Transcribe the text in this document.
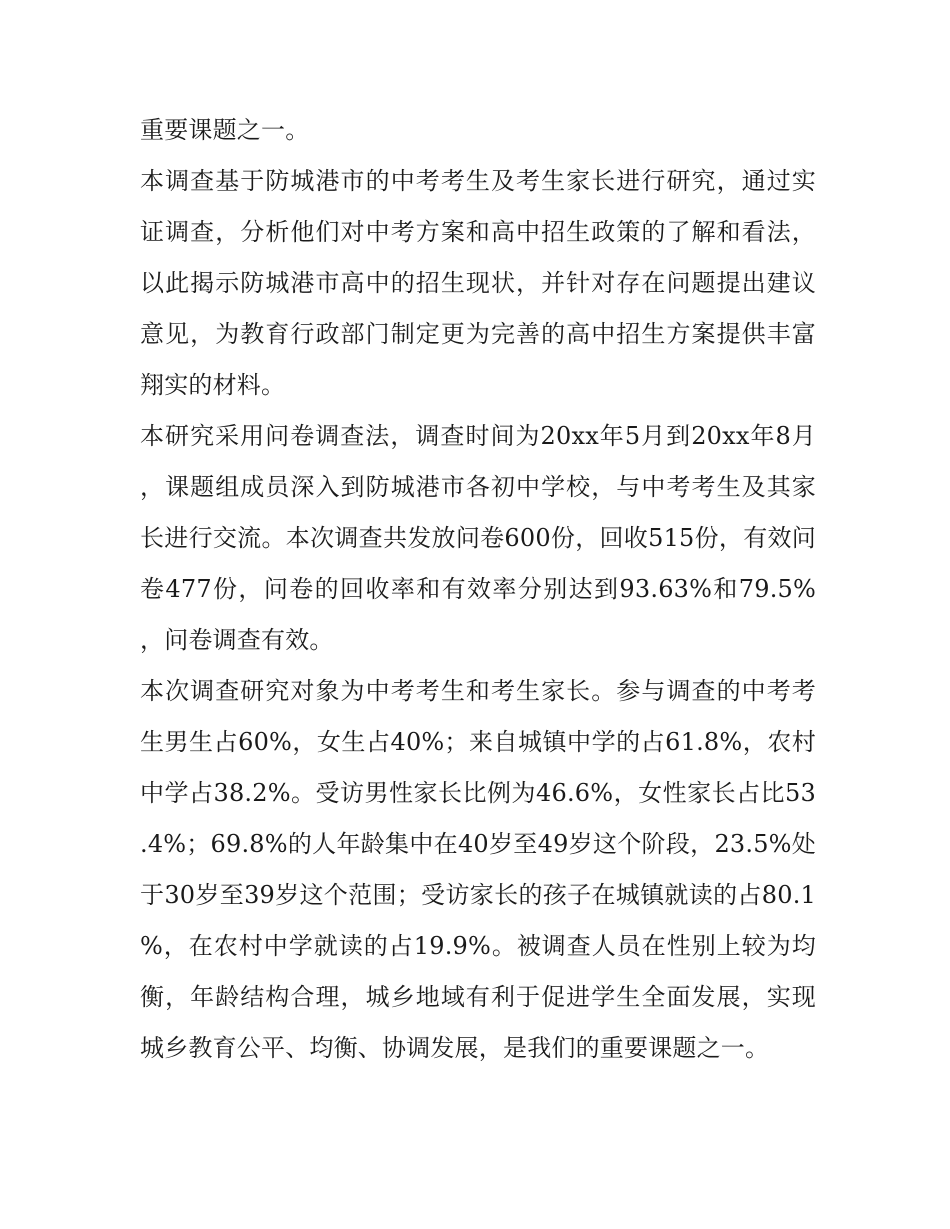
重要课题之一。

本调查基于防城港市的中考考生及考生家长进行研究，通过实证调查，分析他们对中考方案和高中招生政策的了解和看法，以此揭示防城港市高中的招生现状，并针对存在问题提出建议意见，为教育行政部门制定更为完善的高中招生方案提供丰富翔实的材料。

本研究采用问卷调查法，调查时间为20xx年5月到20xx年8月，课题组成员深入到防城港市各初中学校，与中考考生及其家长进行交流。本次调查共发放问卷600份，回收515份，有效问卷477份，问卷的回收率和有效率分别达到93.63%和79.5%，问卷调查有效。

本次调查研究对象为中考考生和考生家长。参与调查的中考考生男生占60%，女生占40%；来自城镇中学的占61.8%，农村中学占38.2%。受访男性家长比例为46.6%，女性家长占比53.4%；69.8%的人年龄集中在40岁至49岁这个阶段，23.5%处于30岁至39岁这个范围；受访家长的孩子在城镇就读的占80.1%，在农村中学就读的占19.9%。被调查人员在性别上较为均衡，年龄结构合理，城乡地域有利于促进学生全面发展，实现城乡教育公平、均衡、协调发展，是我们的重要课题之一。
